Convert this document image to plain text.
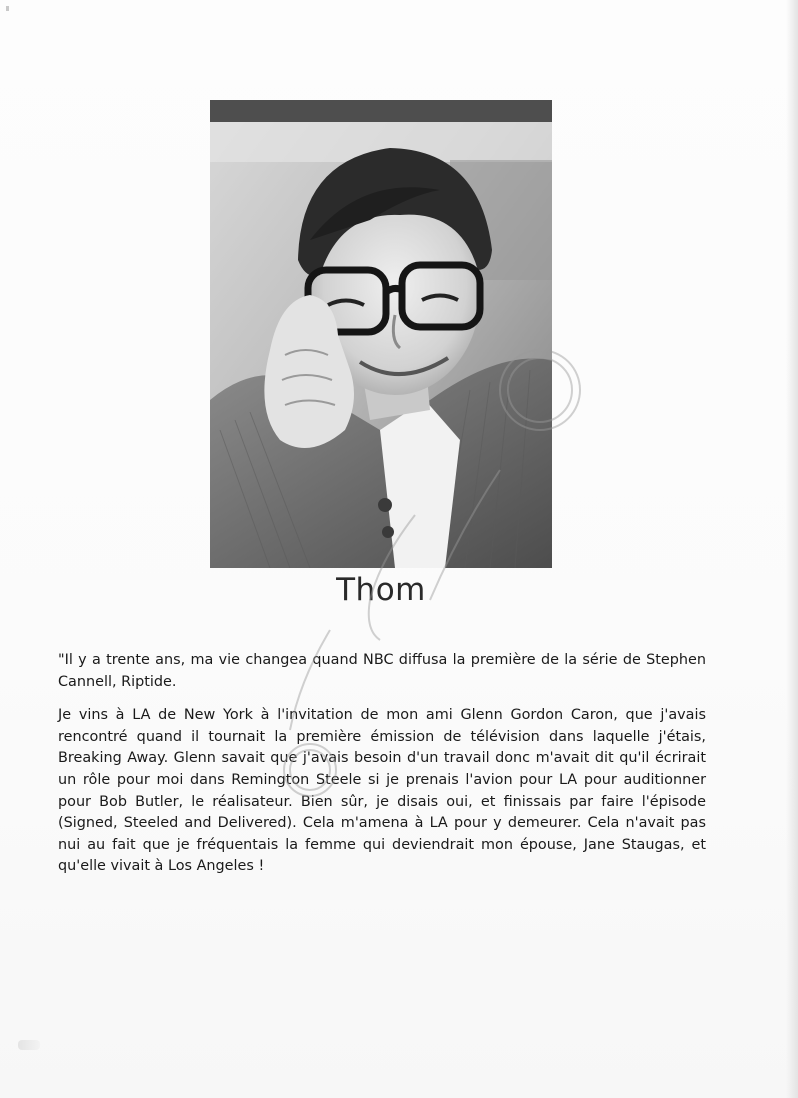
Thom

"Il y a trente ans, ma vie changea quand NBC diffusa la première de la série de Stephen Cannell, Riptide.

Je vins à LA de New York à l'invitation de mon ami Glenn Gordon Caron, que j'avais rencontré quand il tournait la première émission de télévision dans laquelle j'étais, Breaking Away. Glenn savait que j'avais besoin d'un travail donc m'avait dit qu'il écrirait un rôle pour moi dans Remington Steele si je prenais l'avion pour LA pour auditionner pour Bob Butler, le réalisateur. Bien sûr, je disais oui, et finissais par faire l'épisode (Signed, Steeled and Delivered). Cela m'amena à LA pour y demeurer. Cela n'avait pas nui au fait que je fréquentais la femme qui deviendrait mon épouse, Jane Staugas, et qu'elle vivait à Los Angeles !
